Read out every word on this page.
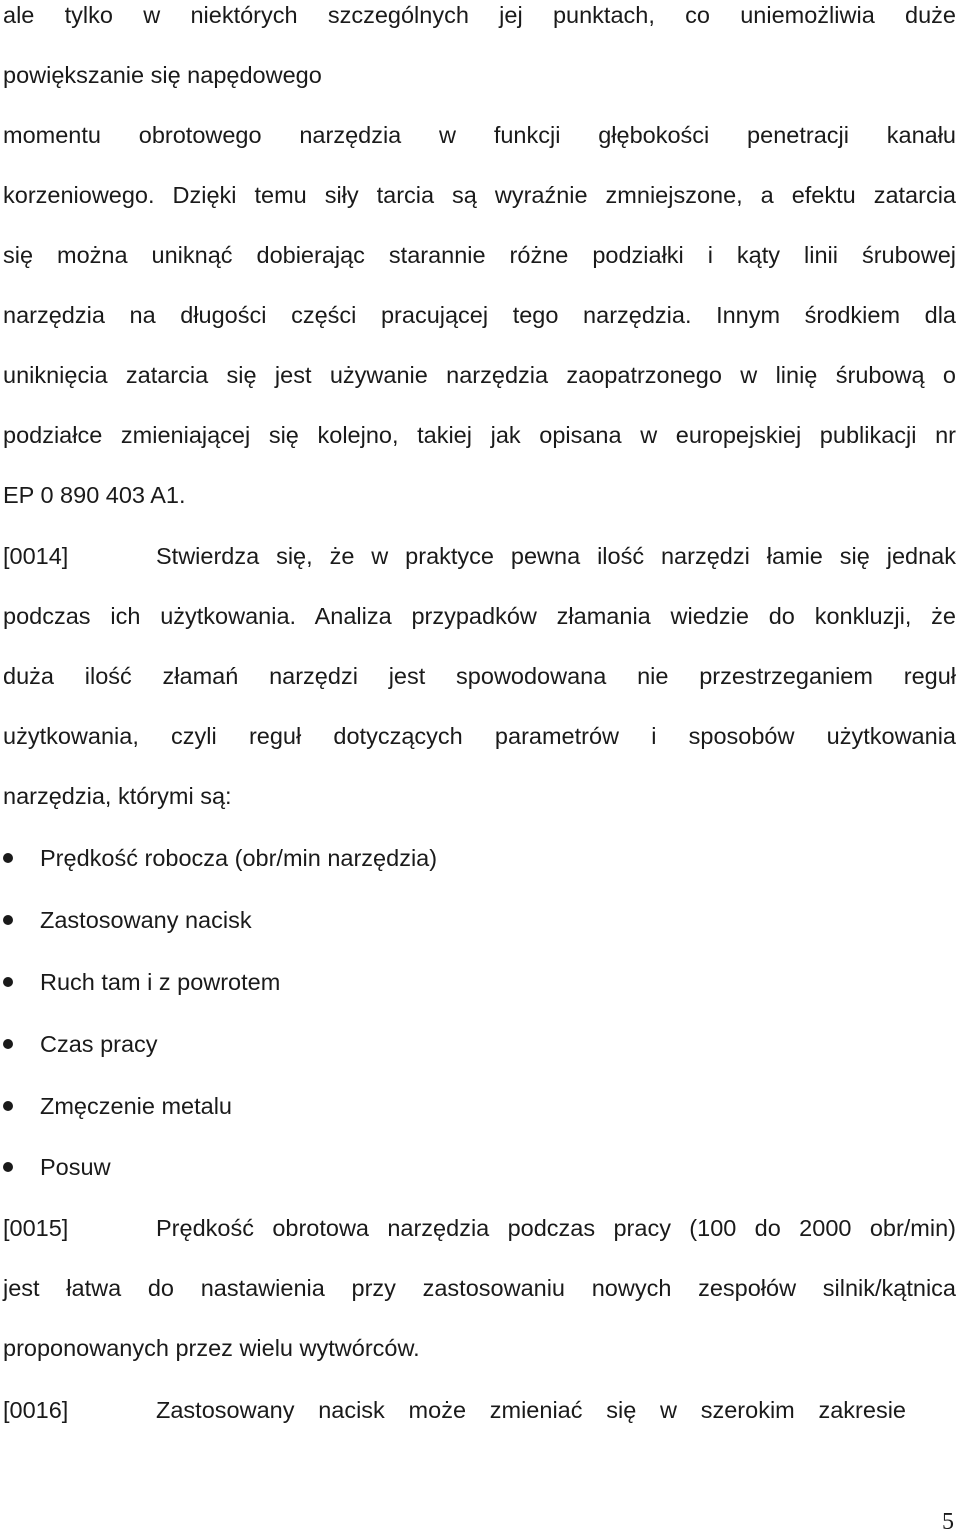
ale tylko w niektórych szczególnych jej punktach, co uniemożliwia duże
powiększanie się napędowego
momentu obrotowego narzędzia w funkcji głębokości penetracji kanału
korzeniowego. Dzięki temu siły tarcia są wyraźnie zmniejszone, a efektu zatarcia
się można uniknąć dobierając starannie różne podziałki i kąty linii śrubowej
narzędzia na długości części pracującej tego narzędzia. Innym środkiem dla
uniknięcia zatarcia się jest używanie narzędzia zaopatrzonego w linię śrubową o
podziałce zmieniającej się kolejno, takiej jak opisana w europejskiej publikacji nr
EP 0 890 403 A1.
[0014]	Stwierdza się, że w praktyce pewna ilość narzędzi łamie się jednak
podczas ich użytkowania. Analiza przypadków złamania wiedzie do konkluzji, że
duża ilość złamań narzędzi jest spowodowana nie przestrzeganiem reguł
użytkowania, czyli reguł dotyczących parametrów i sposobów użytkowania
narzędzia, którymi są:
Prędkość robocza (obr/min narzędzia)
Zastosowany nacisk
Ruch tam i z powrotem
Czas pracy
Zmęczenie metalu
Posuw
[0015]	Prędkość obrotowa narzędzia podczas pracy (100 do 2000 obr/min)
jest łatwa do nastawienia przy zastosowaniu nowych zespołów silnik/kątnica
proponowanych przez wielu wytwórców.
[0016]	Zastosowany nacisk może zmieniać się w szerokim zakresie
5
